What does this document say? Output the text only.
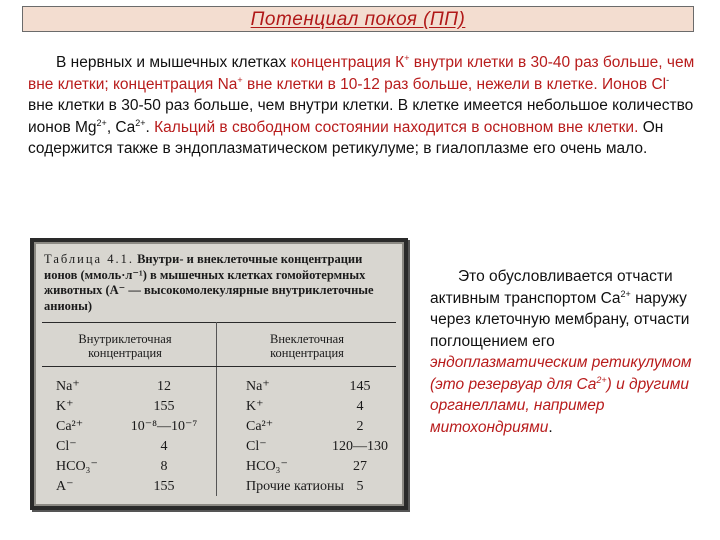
Потенциал покоя (ПП)
В нервных и мышечных клетках концентрация К+ внутри клетки в 30-40 раз больше, чем вне клетки; концентрация Na+ вне клетки в 10-12 раз больше, нежели в клетке. Ионов Cl- вне клетки в 30-50 раз больше, чем внутри клетки. В клетке имеется небольшое количество ионов $Mg^{2+}$, $Ca^{2+}$. Кальций в свободном состоянии находится в основном вне клетки. Он содержится также в эндоплазматическом ретикулуме; в гиалоплазме его очень мало.
Таблица 4.1. Внутри- и внеклеточные концентрации ионов (ммоль·л⁻¹) в мышечных клетках гомойотермных животных (А⁻ — высокомолекулярные внутриклеточные анионы)
Внутриклеточная концентрация
Внеклеточная концентрация
Na⁺	12	Na⁺	145
K⁺	155	K⁺	4
Ca²⁺	10⁻⁸—10⁻⁷	Ca²⁺	2
Cl⁻	4	Cl⁻	120—130
HCO₃⁻	8	HCO₃⁻	27
A⁻	155	Прочие катионы 5
Это обусловливается отчасти активным транспортом $Ca^{2+}$ наружу через клеточную мембрану, отчасти поглощением его эндоплазматическим ретикулумом (это резервуар для $Ca^{2+}$) и другими органеллами, например митохондриями.
